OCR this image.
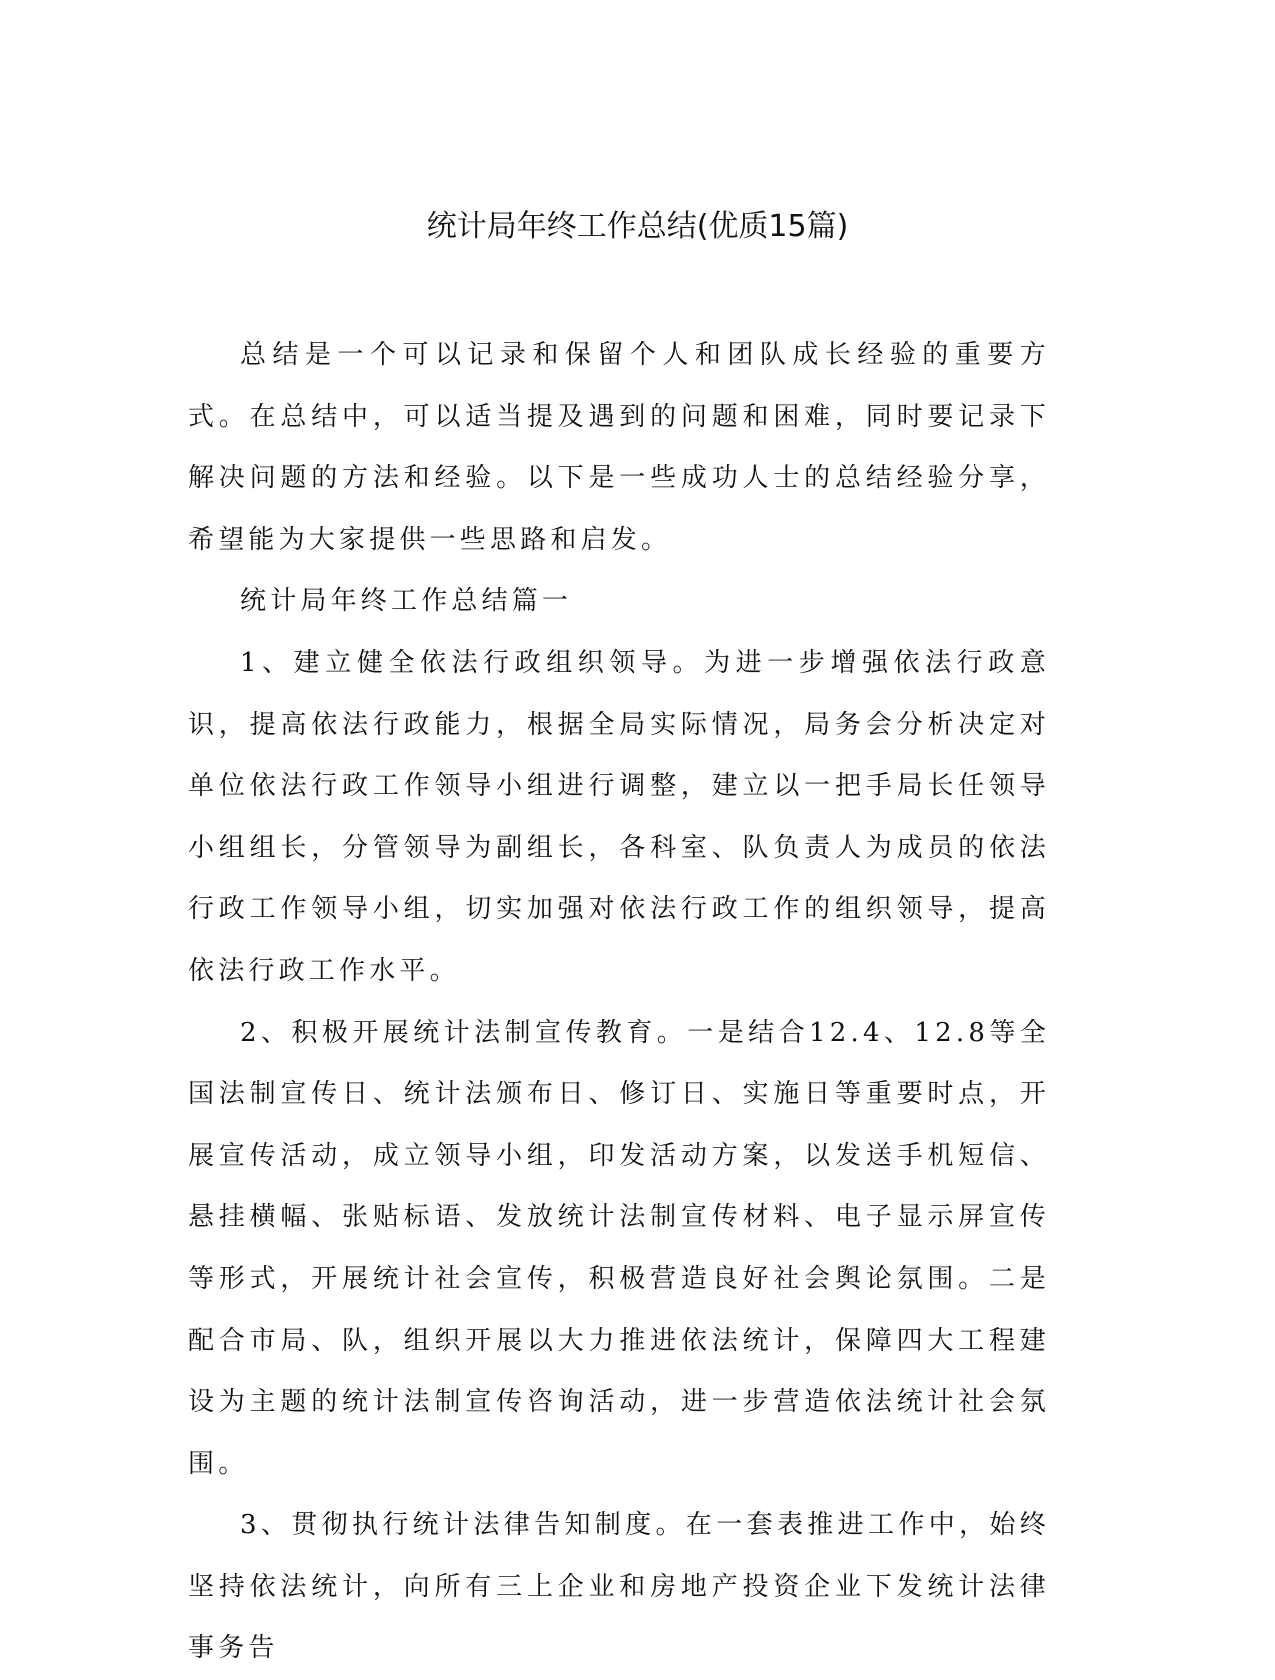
统计局年终工作总结(优质15篇)

总结是一个可以记录和保留个人和团队成长经验的重要方式。在总结中，可以适当提及遇到的问题和困难，同时要记录下解决问题的方法和经验。以下是一些成功人士的总结经验分享，希望能为大家提供一些思路和启发。

统计局年终工作总结篇一

1、建立健全依法行政组织领导。为进一步增强依法行政意识，提高依法行政能力，根据全局实际情况，局务会分析决定对单位依法行政工作领导小组进行调整，建立以一把手局长任领导小组组长，分管领导为副组长，各科室、队负责人为成员的依法行政工作领导小组，切实加强对依法行政工作的组织领导，提高依法行政工作水平。

2、积极开展统计法制宣传教育。一是结合12.4、12.8等全国法制宣传日、统计法颁布日、修订日、实施日等重要时点，开展宣传活动，成立领导小组，印发活动方案，以发送手机短信、悬挂横幅、张贴标语、发放统计法制宣传材料、电子显示屏宣传等形式，开展统计社会宣传，积极营造良好社会舆论氛围。二是配合市局、队，组织开展以大力推进依法统计，保障四大工程建设为主题的统计法制宣传咨询活动，进一步营造依法统计社会氛围。

3、贯彻执行统计法律告知制度。在一套表推进工作中，始终坚持依法统计，向所有三上企业和房地产投资企业下发统计法律事务告
